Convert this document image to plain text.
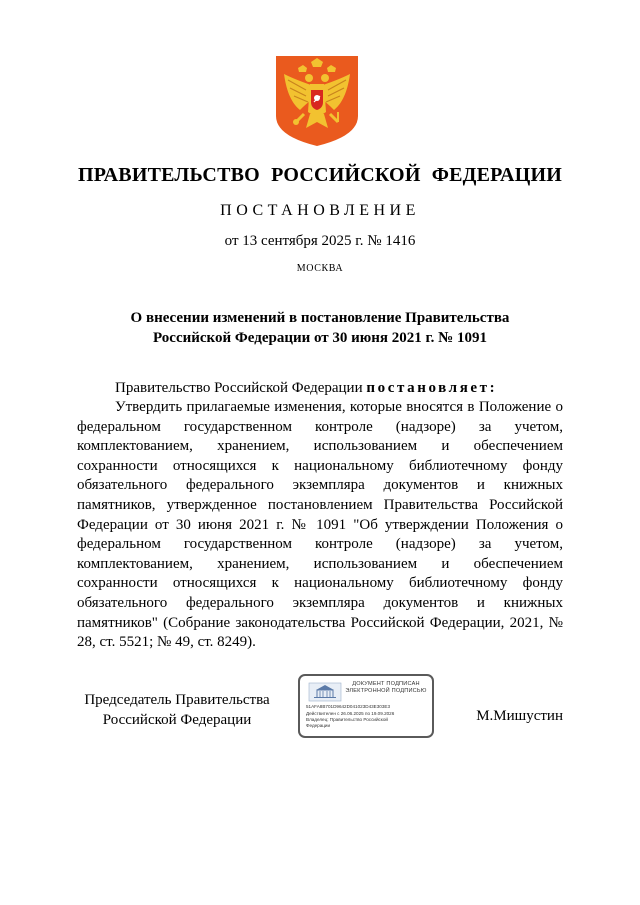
ПРАВИТЕЛЬСТВО РОССИЙСКОЙ ФЕДЕРАЦИИ
ПОСТАНОВЛЕНИЕ
от 13 сентября 2025 г. № 1416
МОСКВА
О внесении изменений в постановление Правительства
Российской Федерации от 30 июня 2021 г. № 1091
Правительство Российской Федерации постановляет:

Утвердить прилагаемые изменения, которые вносятся в Положение о федеральном государственном контроле (надзоре) за учетом, комплектованием, хранением, использованием и обеспечением сохранности относящихся к национальному библиотечному фонду обязательного федерального экземпляра документов и книжных памятников, утвержденное постановлением Правительства Российской Федерации от 30 июня 2021 г. № 1091 "Об утверждении Положения о федеральном государственном контроле (надзоре) за учетом, комплектованием, хранением, использованием и обеспечением сохранности относящихся к национальному библиотечному фонду обязательного федерального экземпляра документов и книжных памятников" (Собрание законодательства Российской Федерации, 2021, № 28, ст. 5521; № 49, ст. 8249).

Председатель Правительства
Российской Федерации
ДОКУМЕНТ ПОДПИСАН
ЭЛЕКТРОННОЙ ПОДПИСЬЮ
51AFA8B701D9642D041023D43E303E3
Действителен с 26.06.2025 по 19.09.2026
Владелец: Правительство Российской
Федерации
М.Мишустин
